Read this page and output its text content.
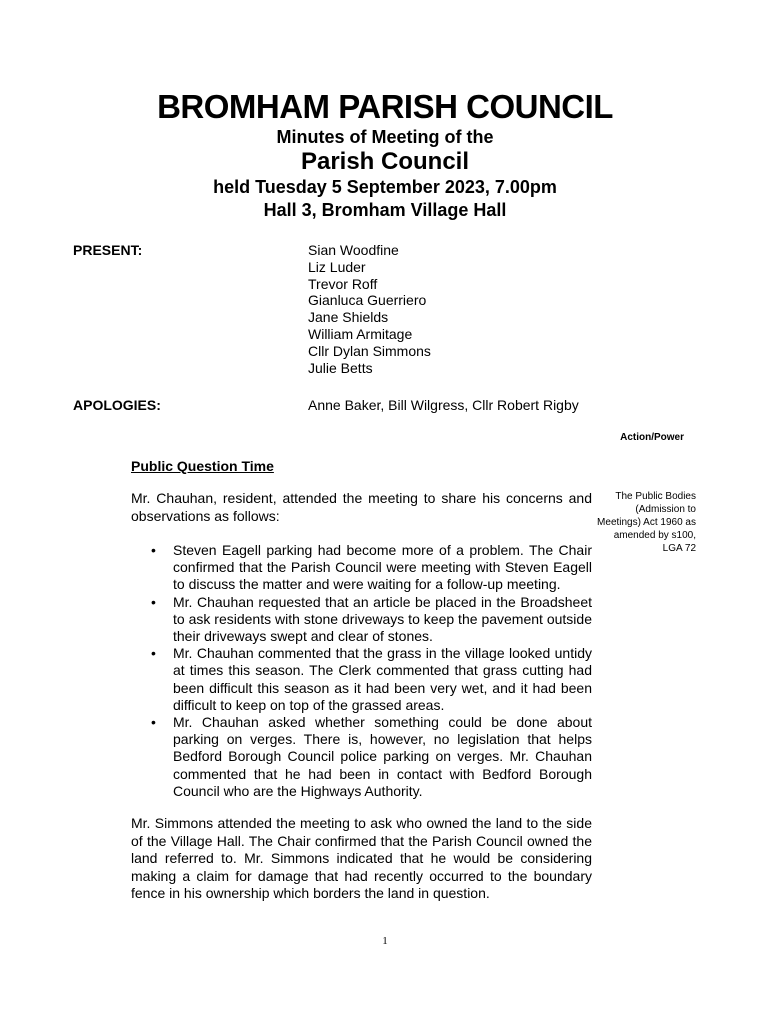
BROMHAM PARISH COUNCIL
Minutes of Meeting of the
Parish Council
held Tuesday 5 September 2023, 7.00pm
Hall 3, Bromham Village Hall
PRESENT:	Sian Woodfine
Liz Luder
Trevor Roff
Gianluca Guerriero
Jane Shields
William Armitage
Cllr Dylan Simmons
Julie Betts
APOLOGIES:	Anne Baker, Bill Wilgress, Cllr Robert Rigby
Action/Power
Public Question Time

Mr. Chauhan, resident, attended the meeting to share his concerns and observations as follows:

The Public Bodies (Admission to Meetings) Act 1960 as amended by s100, LGA 72
• Steven Eagell parking had become more of a problem. The Chair confirmed that the Parish Council were meeting with Steven Eagell to discuss the matter and were waiting for a follow-up meeting.
• Mr. Chauhan requested that an article be placed in the Broadsheet to ask residents with stone driveways to keep the pavement outside their driveways swept and clear of stones.
• Mr. Chauhan commented that the grass in the village looked untidy at times this season. The Clerk commented that grass cutting had been difficult this season as it had been very wet, and it had been difficult to keep on top of the grassed areas.
• Mr. Chauhan asked whether something could be done about parking on verges. There is, however, no legislation that helps Bedford Borough Council police parking on verges. Mr. Chauhan commented that he had been in contact with Bedford Borough Council who are the Highways Authority.

Mr. Simmons attended the meeting to ask who owned the land to the side of the Village Hall. The Chair confirmed that the Parish Council owned the land referred to. Mr. Simmons indicated that he would be considering making a claim for damage that had recently occurred to the boundary fence in his ownership which borders the land in question.

1
